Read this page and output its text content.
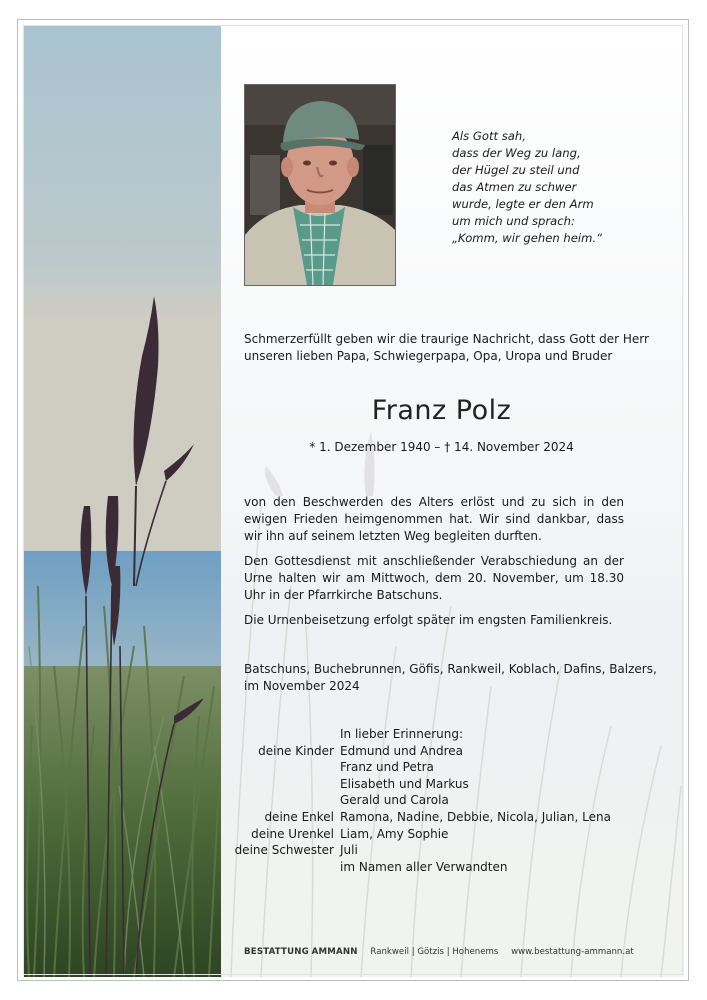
Als Gott sah,
dass der Weg zu lang,
der Hügel zu steil und
das Atmen zu schwer
wurde, legte er den Arm
um mich und sprach:
„Komm, wir gehen heim.“
Schmerzerfüllt geben wir die traurige Nachricht, dass Gott der Herr
unseren lieben Papa, Schwiegerpapa, Opa, Uropa und Bruder
Franz Polz
* 1. Dezember 1940 – † 14. November 2024

von den Beschwerden des Alters erlöst und zu sich in den ewigen Frieden heimgenommen hat. Wir sind dankbar, dass wir ihn auf seinem letzten Weg begleiten durften.

Den Gottesdienst mit anschließender Verabschiedung an der Urne halten wir am Mittwoch, dem 20. November, um 18.30 Uhr in der Pfarrkirche Batschuns.

Die Urnenbeisetzung erfolgt später im engsten Familienkreis.

Batschuns, Buchebrunnen, Göfis, Rankweil, Koblach, Dafins, Balzers,
im November 2024
In lieber Erinnerung:
deine Kinder Edmund und Andrea
Franz und Petra
Elisabeth und Markus
Gerald und Carola
deine Enkel Ramona, Nadine, Debbie, Nicola, Julian, Lena
deine Urenkel Liam, Amy Sophie
deine Schwester Juli
im Namen aller Verwandten
BESTATTUNG AMMANN Rankweil | Götzis | Hohenems www.bestattung-ammann.at
